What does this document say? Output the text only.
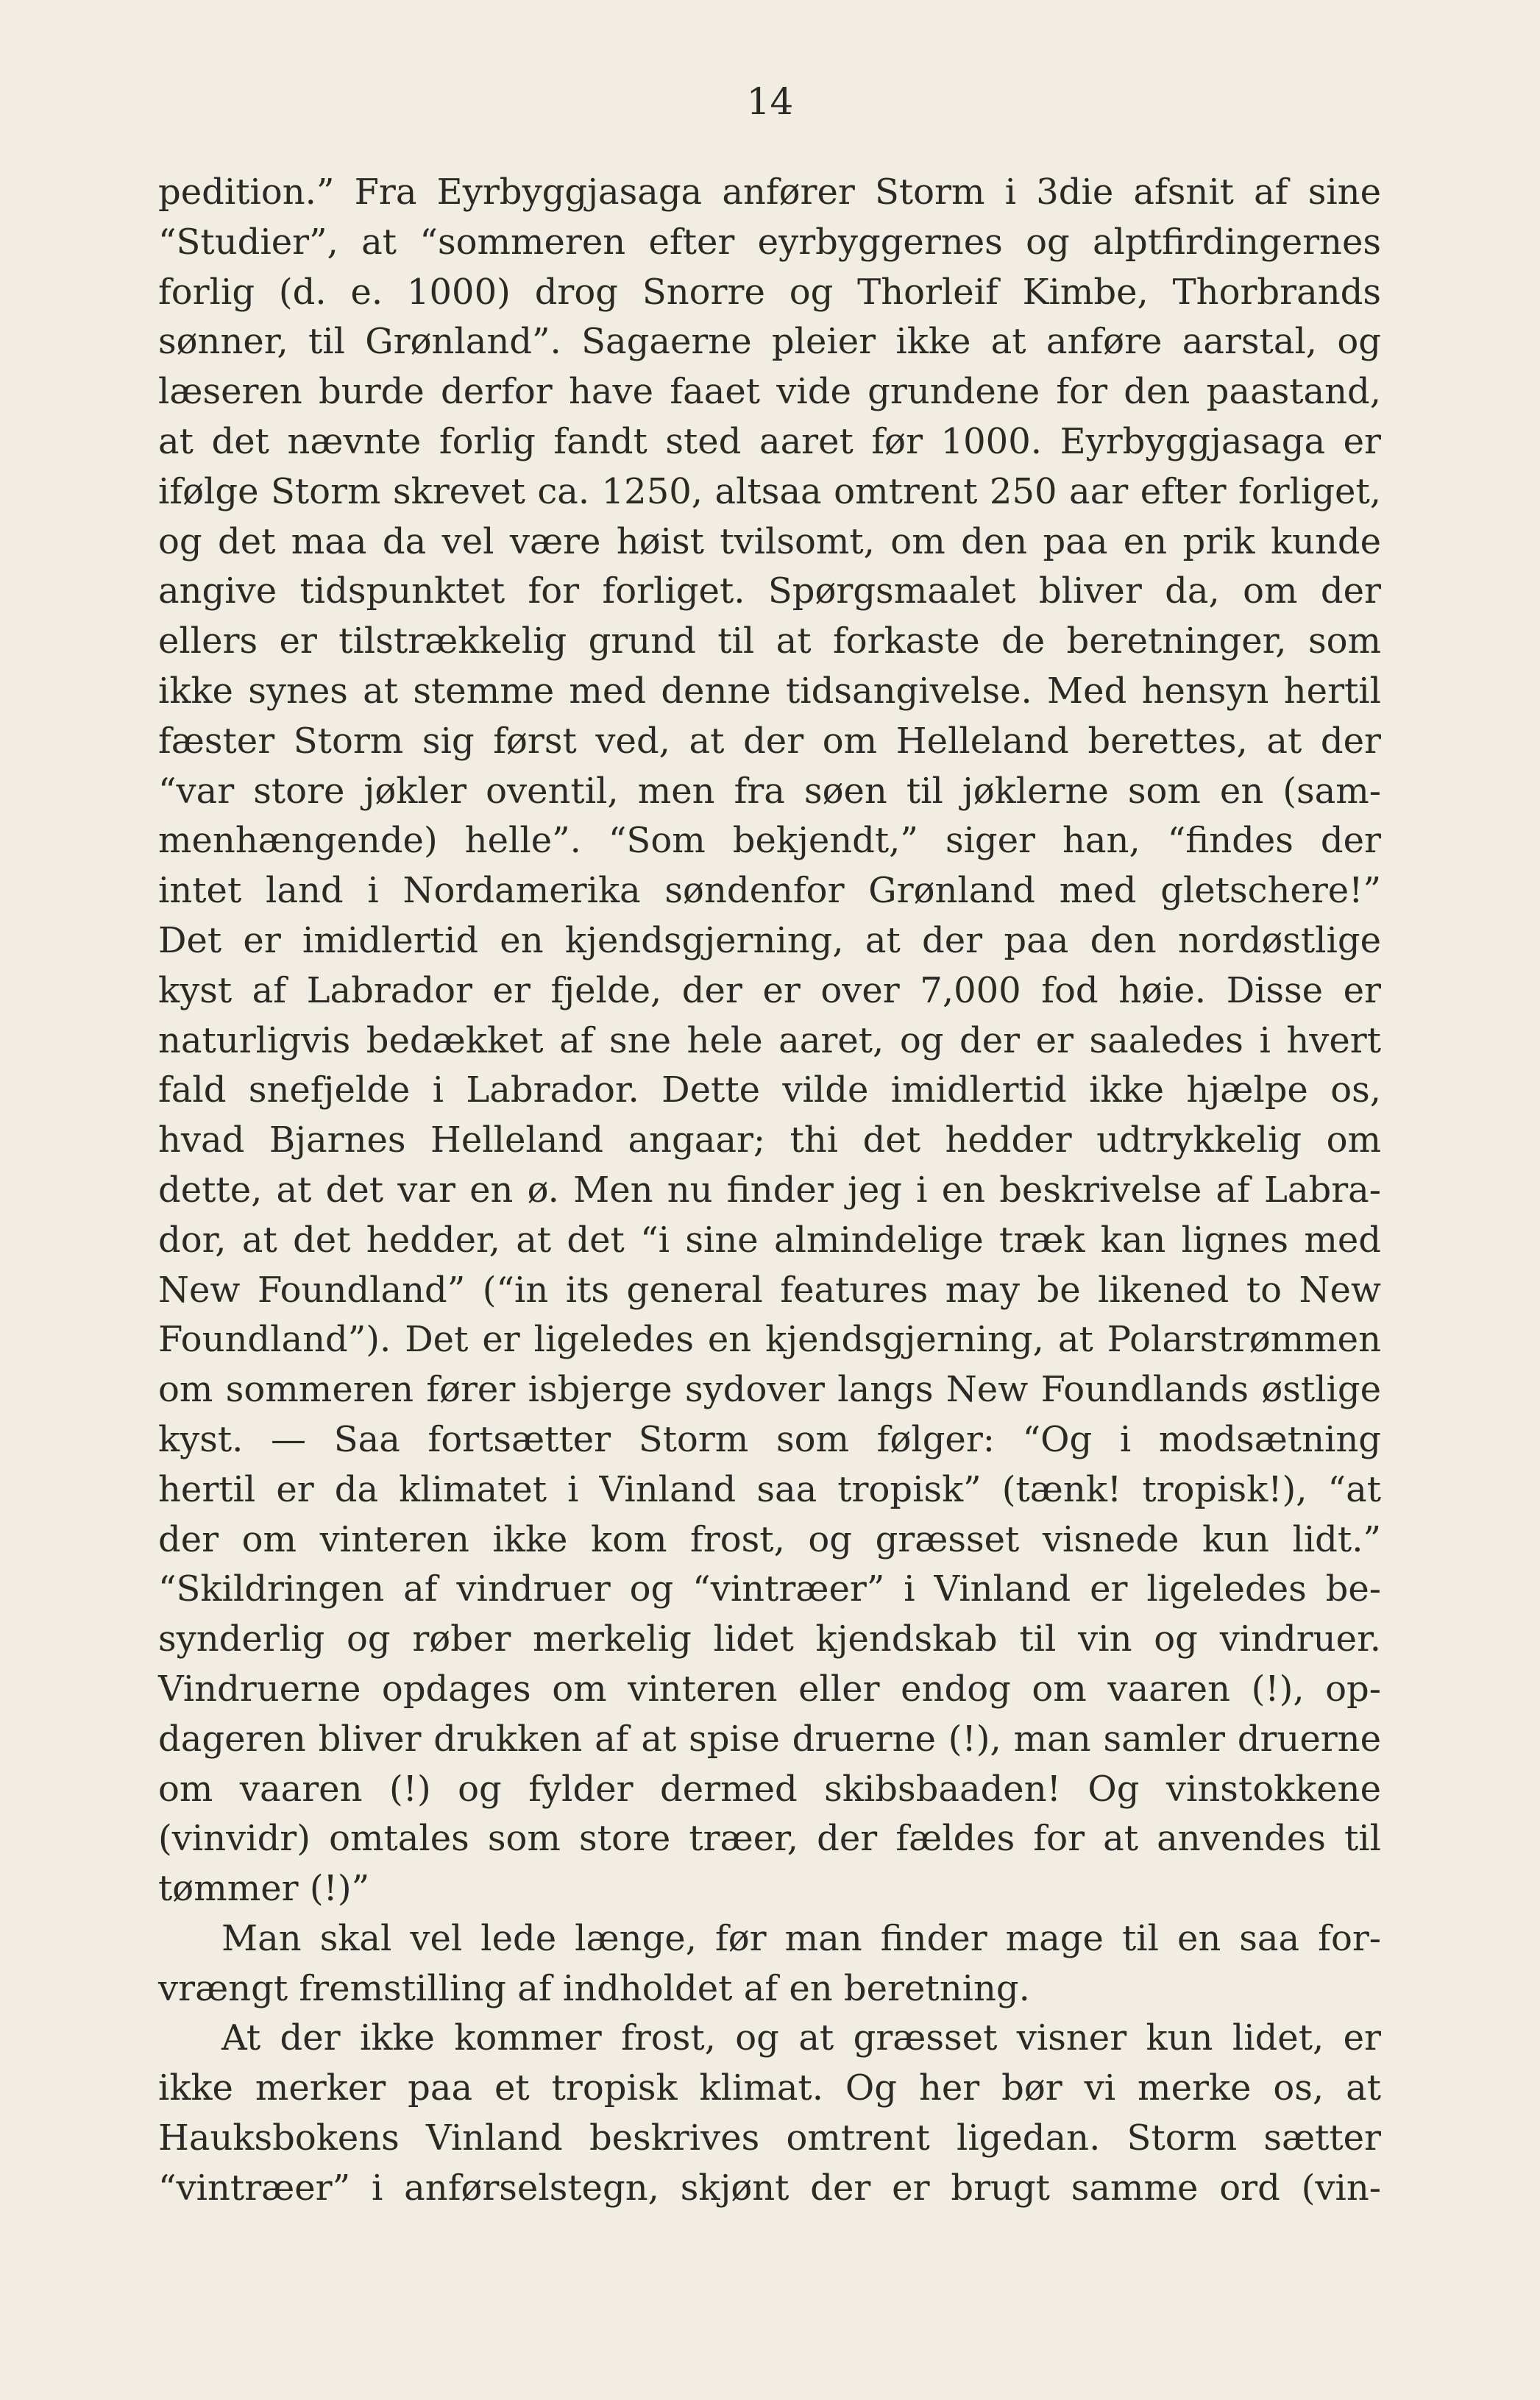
14
pedition.” Fra Eyrbyggjasaga anfører Storm i 3die afsnit af sine
“Studier”, at “sommeren efter eyrbyggernes og alptfirdingernes
forlig (d. e. 1000) drog Snorre og Thorleif Kimbe, Thorbrands
sønner, til Grønland”. Sagaerne pleier ikke at anføre aarstal, og
læseren burde derfor have faaet vide grundene for den paastand,
at det nævnte forlig fandt sted aaret før 1000. Eyrbyggjasaga er
ifølge Storm skrevet ca. 1250, altsaa omtrent 250 aar efter forliget,
og det maa da vel være høist tvilsomt, om den paa en prik kunde
angive tidspunktet for forliget. Spørgsmaalet bliver da, om der
ellers er tilstrækkelig grund til at forkaste de beretninger, som
ikke synes at stemme med denne tidsangivelse. Med hensyn hertil
fæster Storm sig først ved, at der om Helleland berettes, at der
“var store jøkler oventil, men fra søen til jøklerne som en (sam-
menhængende) helle”. “Som bekjendt,” siger han, “findes der
intet land i Nordamerika søndenfor Grønland med gletschere!”
Det er imidlertid en kjendsgjerning, at der paa den nordøstlige
kyst af Labrador er fjelde, der er over 7,000 fod høie. Disse er
naturligvis bedækket af sne hele aaret, og der er saaledes i hvert
fald snefjelde i Labrador. Dette vilde imidlertid ikke hjælpe os,
hvad Bjarnes Helleland angaar; thi det hedder udtrykkelig om
dette, at det var en ø. Men nu finder jeg i en beskrivelse af Labra-
dor, at det hedder, at det “i sine almindelige træk kan lignes med
New Foundland” (“in its general features may be likened to New
Foundland”). Det er ligeledes en kjendsgjerning, at Polarstrømmen
om sommeren fører isbjerge sydover langs New Foundlands østlige
kyst. — Saa fortsætter Storm som følger: “Og i modsætning
hertil er da klimatet i Vinland saa tropisk” (tænk! tropisk!), “at
der om vinteren ikke kom frost, og græsset visnede kun lidt.”
“Skildringen af vindruer og “vintræer” i Vinland er ligeledes be-
synderlig og røber merkelig lidet kjendskab til vin og vindruer.
Vindruerne opdages om vinteren eller endog om vaaren (!), op-
dageren bliver drukken af at spise druerne (!), man samler druerne
om vaaren (!) og fylder dermed skibsbaaden! Og vinstokkene
(vinvidr) omtales som store træer, der fældes for at anvendes til
tømmer (!)”
Man skal vel lede længe, før man finder mage til en saa for-
vrængt fremstilling af indholdet af en beretning.
At der ikke kommer frost, og at græsset visner kun lidet, er
ikke merker paa et tropisk klimat. Og her bør vi merke os, at
Hauksbokens Vinland beskrives omtrent ligedan. Storm sætter
“vintræer” i anførselstegn, skjønt der er brugt samme ord (vin-
